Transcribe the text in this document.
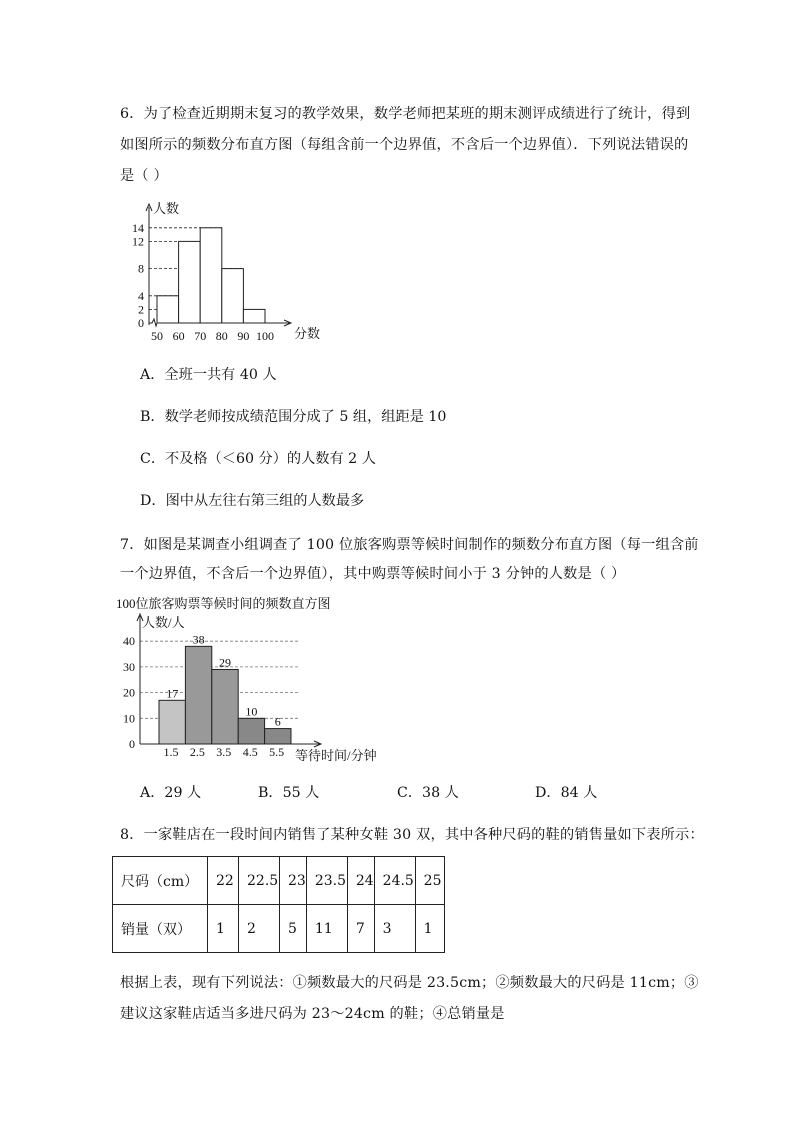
6．为了检查近期期末复习的教学效果，数学老师把某班的期末测评成绩进行了统计，得到
如图所示的频数分布直方图（每组含前一个边界值，不含后一个边界值）．下列说法错误的
是（ ）
0
2
4
8
12
14
50 60 70 80 90 100
人数
分数
A．全班一共有 40 人
B．数学老师按成绩范围分成了 5 组，组距是 10
C．不及格（＜60 分）的人数有 2 人
D．图中从左往右第三组的人数最多
7．如图是某调查小组调查了 100 位旅客购票等候时间制作的频数分布直方图（每一组含前
一个边界值，不含后一个边界值），其中购票等候时间小于 3 分钟的人数是（ ）
100位旅客购票等候时间的频数直方图
17
38
29
10
6
0
10
20
30
40
1.5 2.5 3.5 4.5 5.5
人数/人
等待时间/分钟
A．29 人	B．55 人	C．38 人	D．84 人
8．一家鞋店在一段时间内销售了某种女鞋 30 双，其中各种尺码的鞋的销售量如下表所示：
尺码（cm）	22	22.5	23	23.5	24	24.5	25
销量（双）	1	2	5	11	7	3	1
根据上表，现有下列说法：①频数最大的尺码是 23.5cm；②频数最大的尺码是 11cm；③
建议这家鞋店适当多进尺码为 23～24cm 的鞋；④总销量是
